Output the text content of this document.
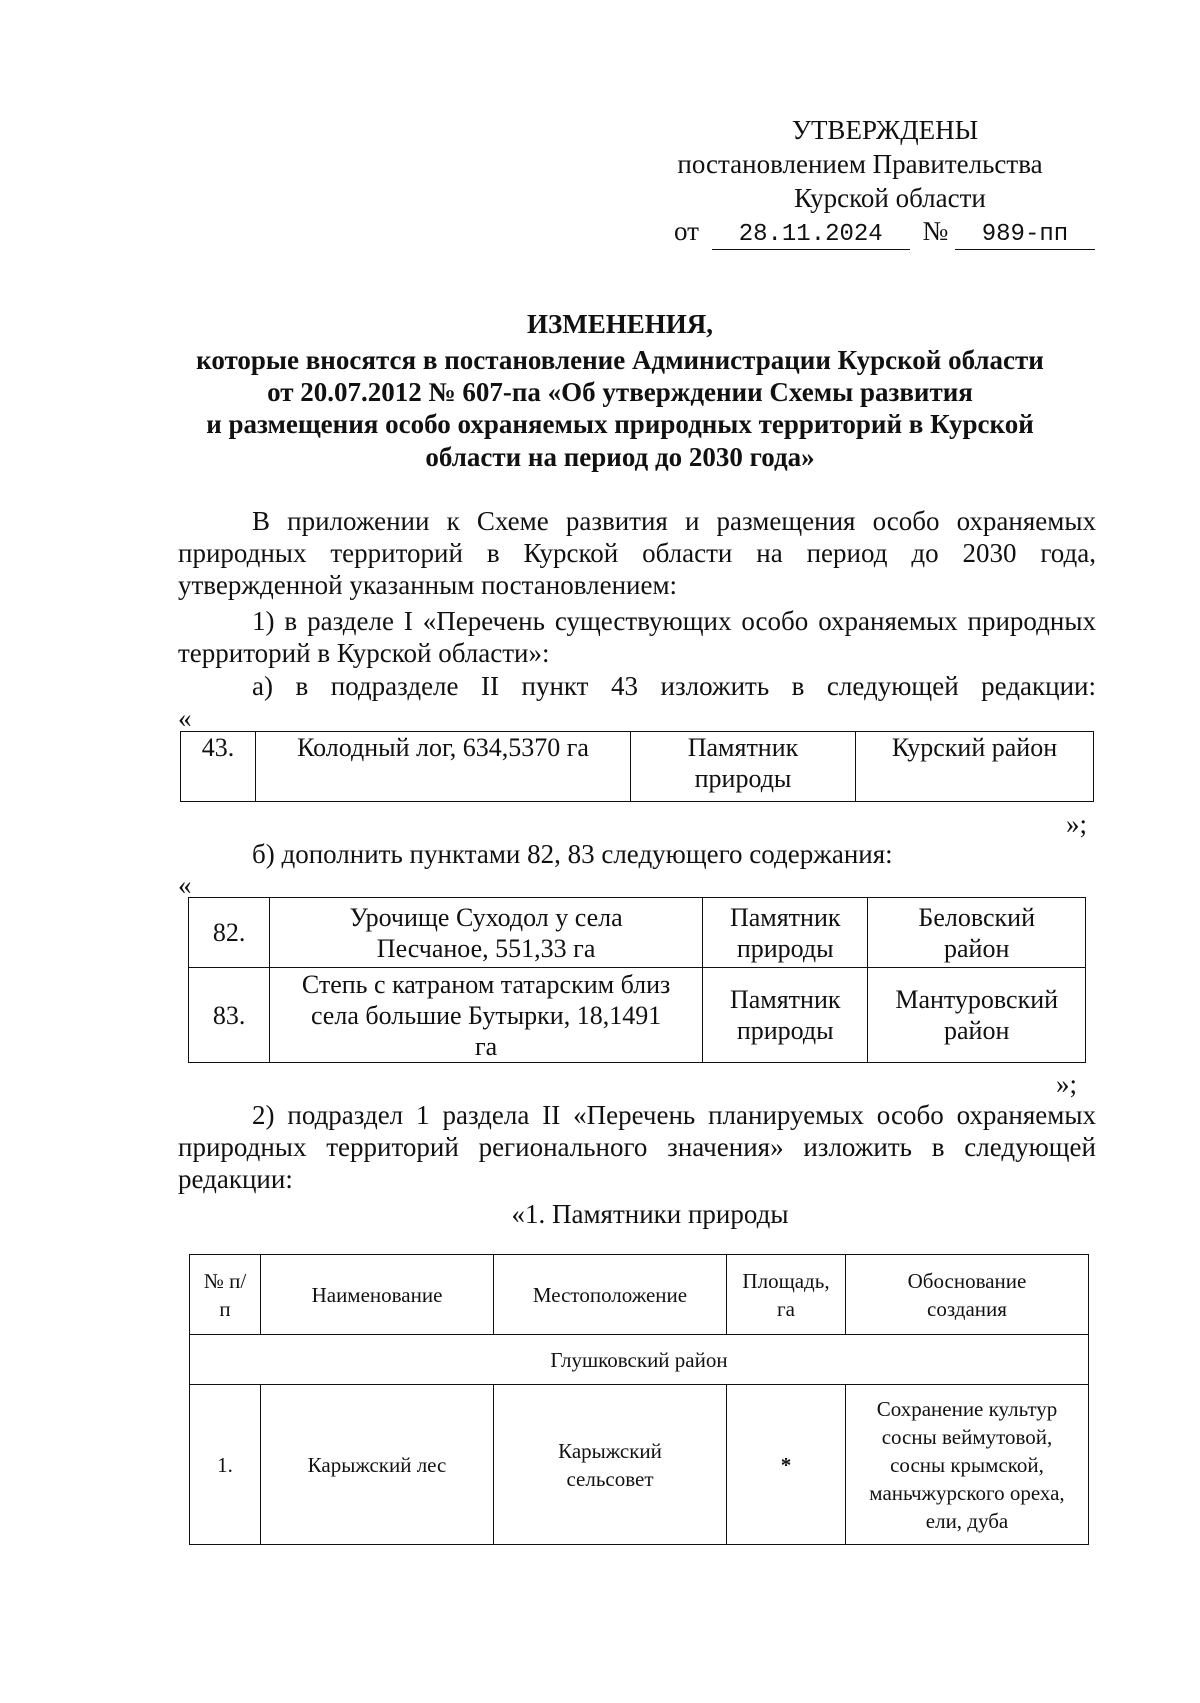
УТВЕРЖДЕНЫ
постановлением Правительства
Курской области
от 28.11.2024 № 989-пп
ИЗМЕНЕНИЯ,
которые вносятся в постановление Администрации Курской области
от 20.07.2012 № 607-па «Об утверждении Схемы развития
и размещения особо охраняемых природных территорий в Курской
области на период до 2030 года»
В приложении к Схеме развития и размещения особо охраняемых природных территорий в Курской области на период до 2030 года, утвержденной указанным постановлением:
1) в разделе I «Перечень существующих особо охраняемых природных территорий в Курской области»:
а) в подразделе II пункт 43 изложить в следующей редакции:
«
43.	Колодный лог, 634,5370 га	Памятник природы	Курский район
»;
б) дополнить пунктами 82, 83 следующего содержания:
«
82.	Урочище Суходол у села Песчаное, 551,33 га	Памятник природы	Беловский район
83.	Степь с катраном татарским близ села большие Бутырки, 18,1491 га	Памятник природы	Мантуровский район
»;
2) подраздел 1 раздела II «Перечень планируемых особо охраняемых природных территорий регионального значения» изложить в следующей редакции:
«1. Памятники природы
№ п/п	Наименование	Местоположение	Площадь, га	Обоснование создания
Глушковский район				
1.	Карыжский лес	Карыжский сельсовет	*	Сохранение культур сосны веймутовой, сосны крымской, маньчжурского ореха, ели, дуба
